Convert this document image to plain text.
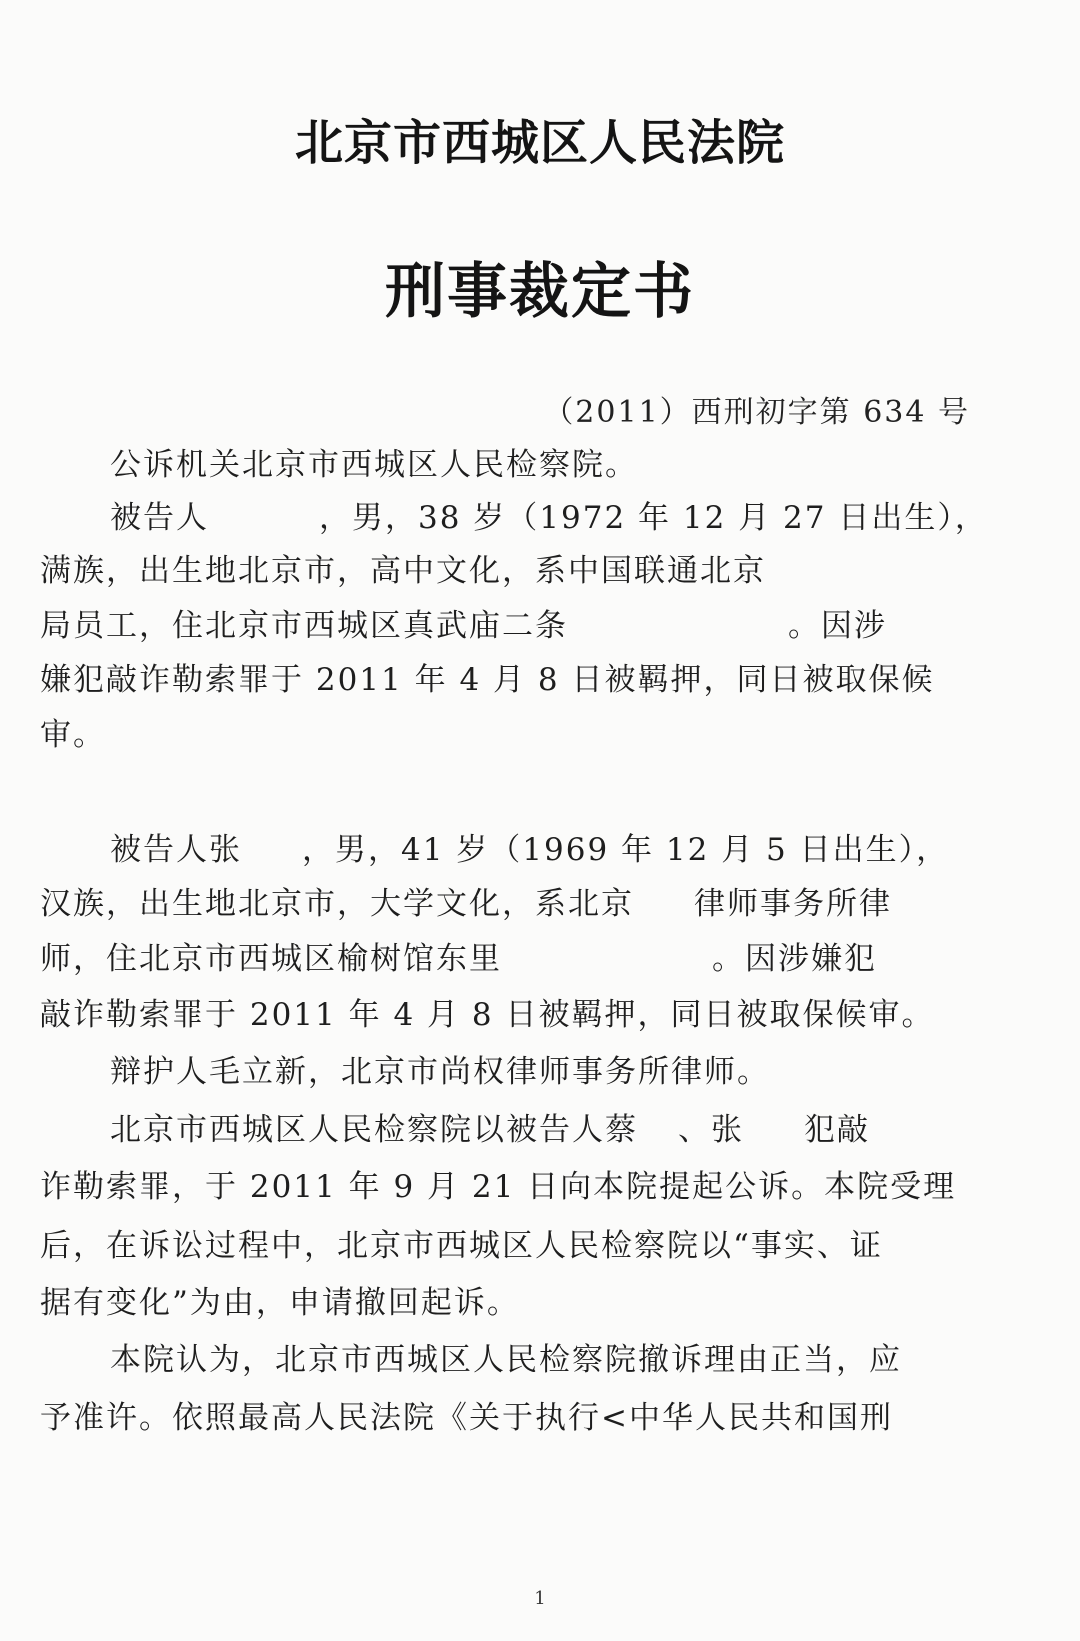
北京市西城区人民法院
刑事裁定书
（2011）西刑初字第 634 号
公诉机关北京市西城区人民检察院。
被告人	，男，38 岁（1972 年 12 月 27 日出生），
满族，出生地北京市，高中文化，系中国联通北京
局员工，住北京市西城区真武庙二条	。因涉
嫌犯敲诈勒索罪于 2011 年 4 月 8 日被羁押，同日被取保候
审。
被告人张 ，男，41 岁（1969 年 12 月 5 日出生），
汉族，出生地北京市，大学文化，系北京 律师事务所律
师，住北京市西城区榆树馆东里	。因涉嫌犯
敲诈勒索罪于 2011 年 4 月 8 日被羁押，同日被取保候审。
辩护人毛立新，北京市尚权律师事务所律师。
北京市西城区人民检察院以被告人蔡 、张 犯敲
诈勒索罪，于 2011 年 9 月 21 日向本院提起公诉。本院受理
后，在诉讼过程中，北京市西城区人民检察院以“事实、证
据有变化”为由，申请撤回起诉。
本院认为，北京市西城区人民检察院撤诉理由正当，应
予准许。依照最高人民法院《关于执行<中华人民共和国刑
1
